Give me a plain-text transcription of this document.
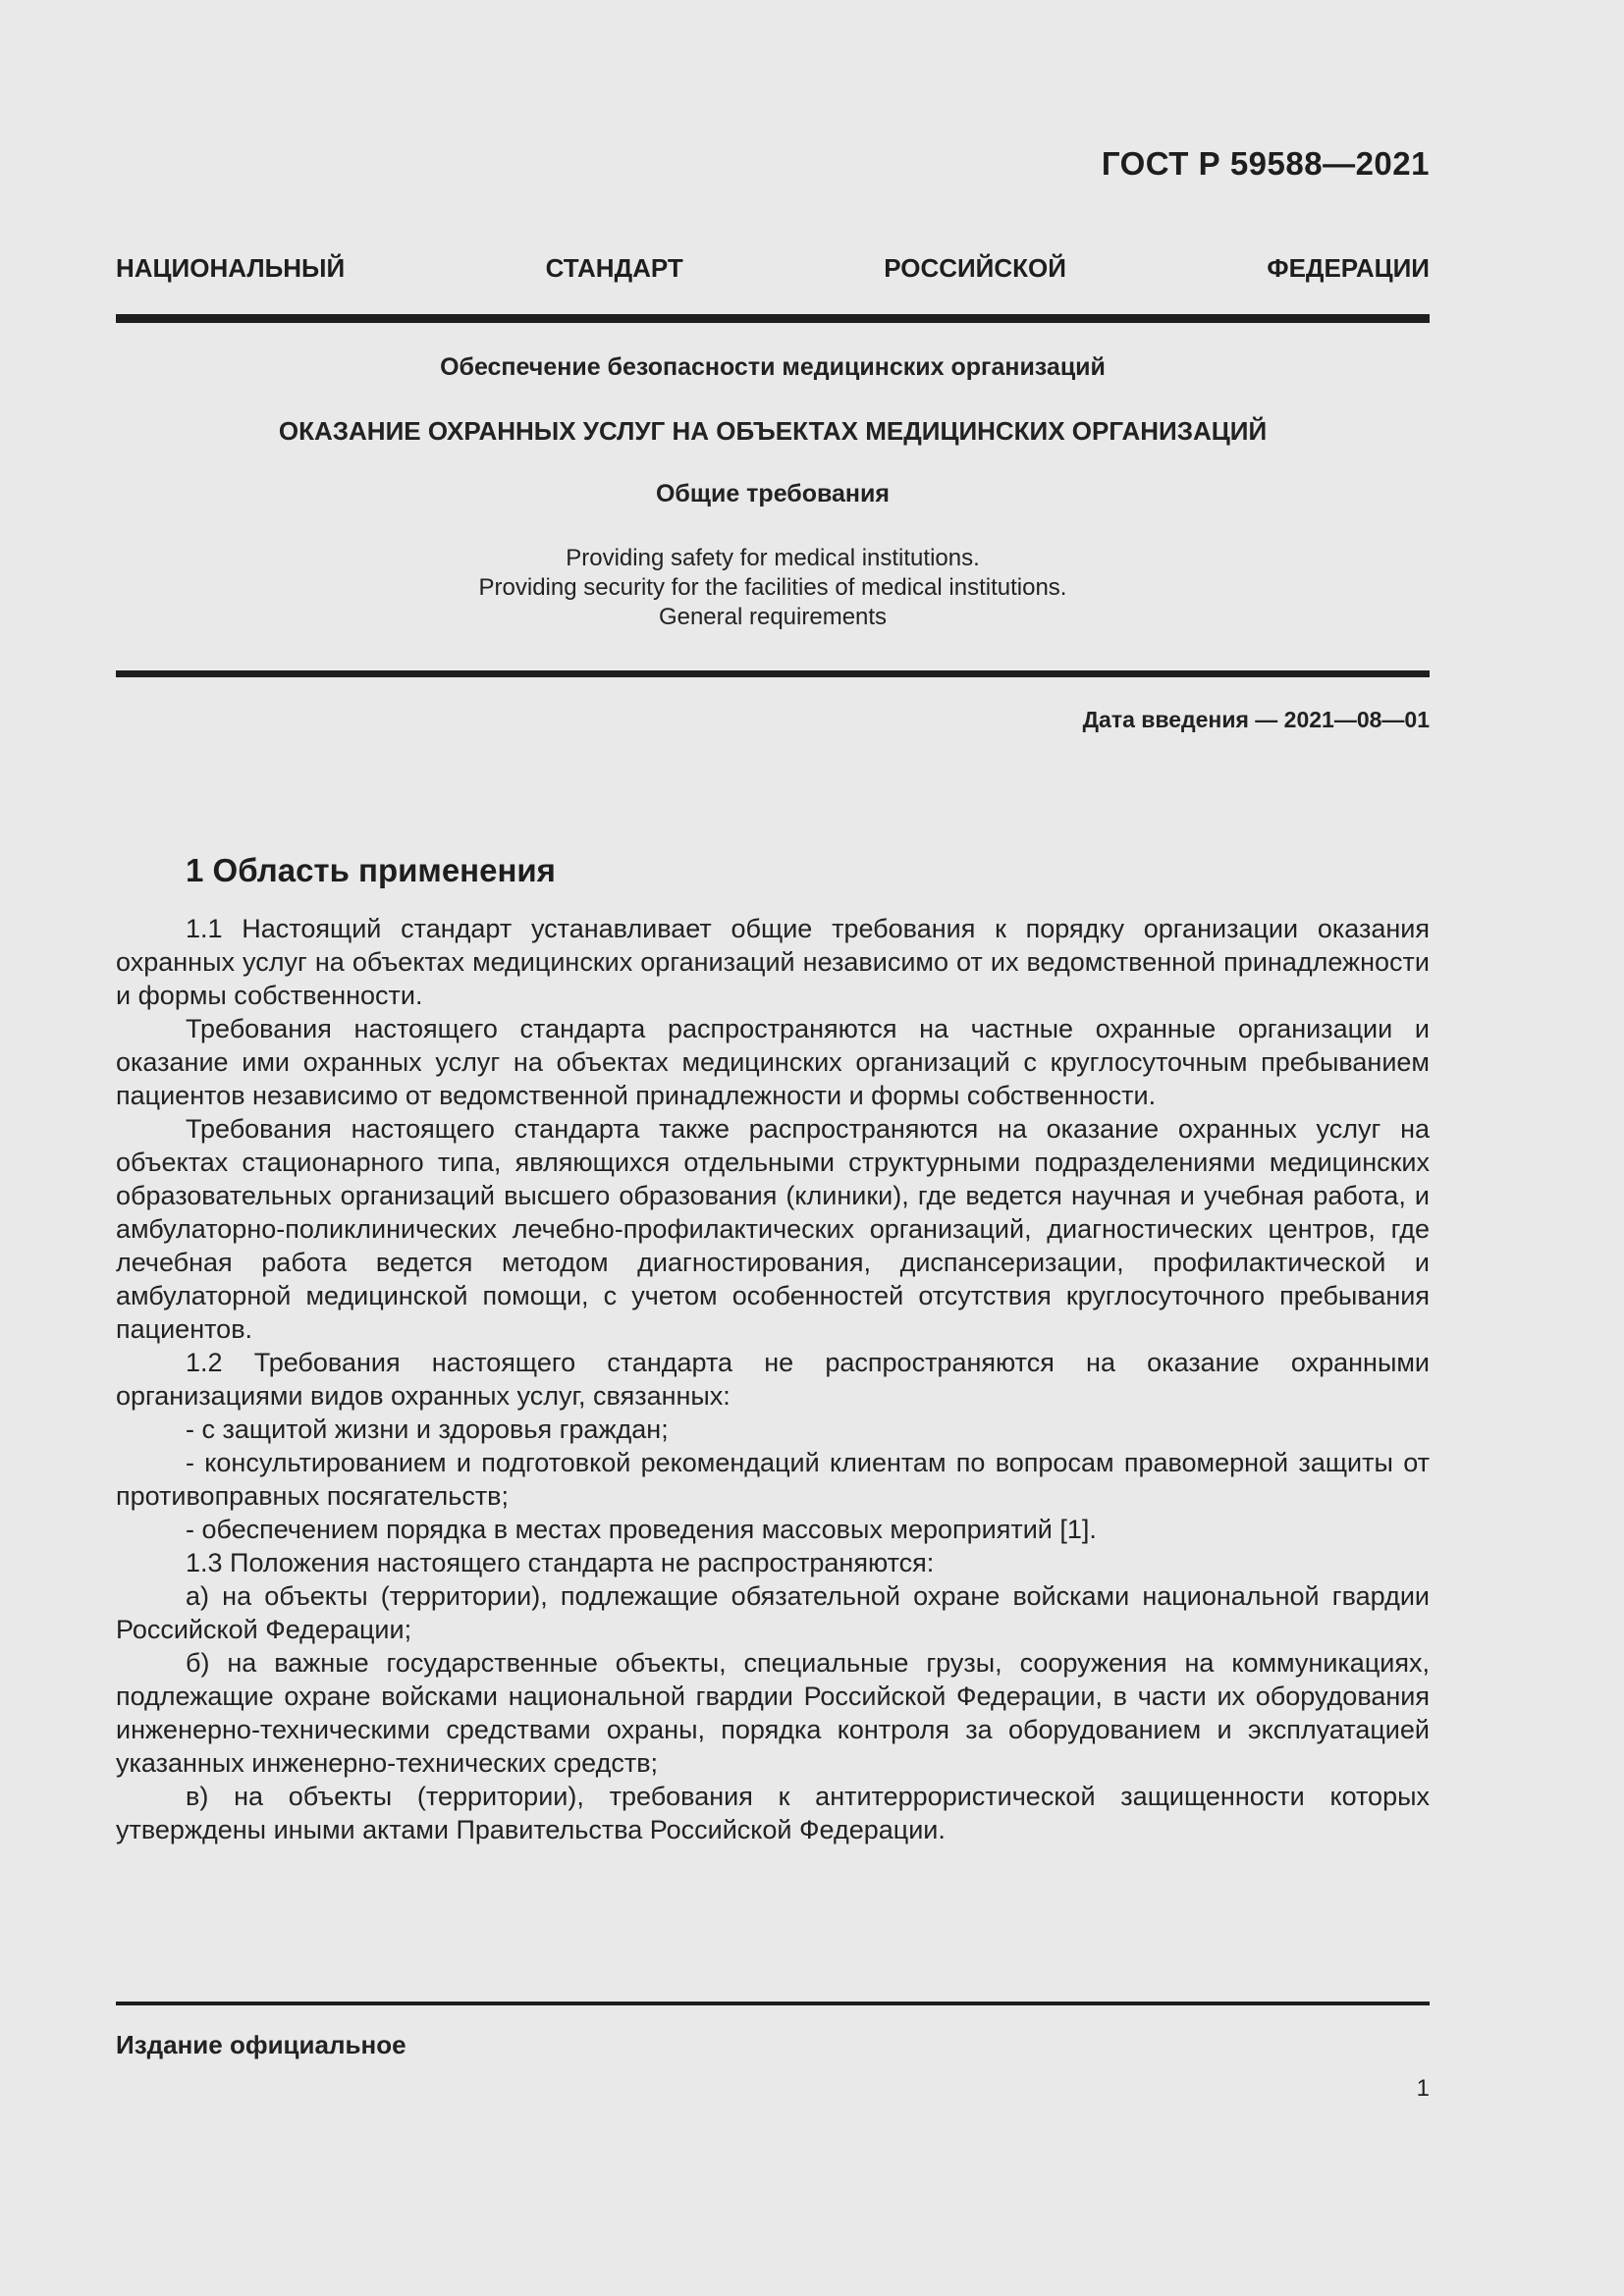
ГОСТ Р 59588—2021
НАЦИОНАЛЬНЫЙ СТАНДАРТ РОССИЙСКОЙ ФЕДЕРАЦИИ
Обеспечение безопасности медицинских организаций
ОКАЗАНИЕ ОХРАННЫХ УСЛУГ НА ОБЪЕКТАХ МЕДИЦИНСКИХ ОРГАНИЗАЦИЙ
Общие требования
Providing safety for medical institutions.
Providing security for the facilities of medical institutions.
General requirements
Дата введения — 2021—08—01
1 Область применения

1.1 Настоящий стандарт устанавливает общие требования к порядку организации оказания охранных услуг на объектах медицинских организаций независимо от их ведомственной принадлежности и формы собственности.

Требования настоящего стандарта распространяются на частные охранные организации и оказание ими охранных услуг на объектах медицинских организаций с круглосуточным пребыванием пациентов независимо от ведомственной принадлежности и формы собственности.

Требования настоящего стандарта также распространяются на оказание охранных услуг на объектах стационарного типа, являющихся отдельными структурными подразделениями медицинских образовательных организаций высшего образования (клиники), где ведется научная и учебная работа, и амбулаторно-поликлинических лечебно-профилактических организаций, диагностических центров, где лечебная работа ведется методом диагностирования, диспансеризации, профилактической и амбулаторной медицинской помощи, с учетом особенностей отсутствия круглосуточного пребывания пациентов.

1.2 Требования настоящего стандарта не распространяются на оказание охранными организациями видов охранных услуг, связанных:

- с защитой жизни и здоровья граждан;

- консультированием и подготовкой рекомендаций клиентам по вопросам правомерной защиты от противоправных посягательств;

- обеспечением порядка в местах проведения массовых мероприятий [1].

1.3 Положения настоящего стандарта не распространяются:

а) на объекты (территории), подлежащие обязательной охране войсками национальной гвардии Российской Федерации;

б) на важные государственные объекты, специальные грузы, сооружения на коммуникациях, подлежащие охране войсками национальной гвардии Российской Федерации, в части их оборудования инженерно-техническими средствами охраны, порядка контроля за оборудованием и эксплуатацией указанных инженерно-технических средств;

в) на объекты (территории), требования к антитеррористической защищенности которых утверждены иными актами Правительства Российской Федерации.

Издание официальное
1
